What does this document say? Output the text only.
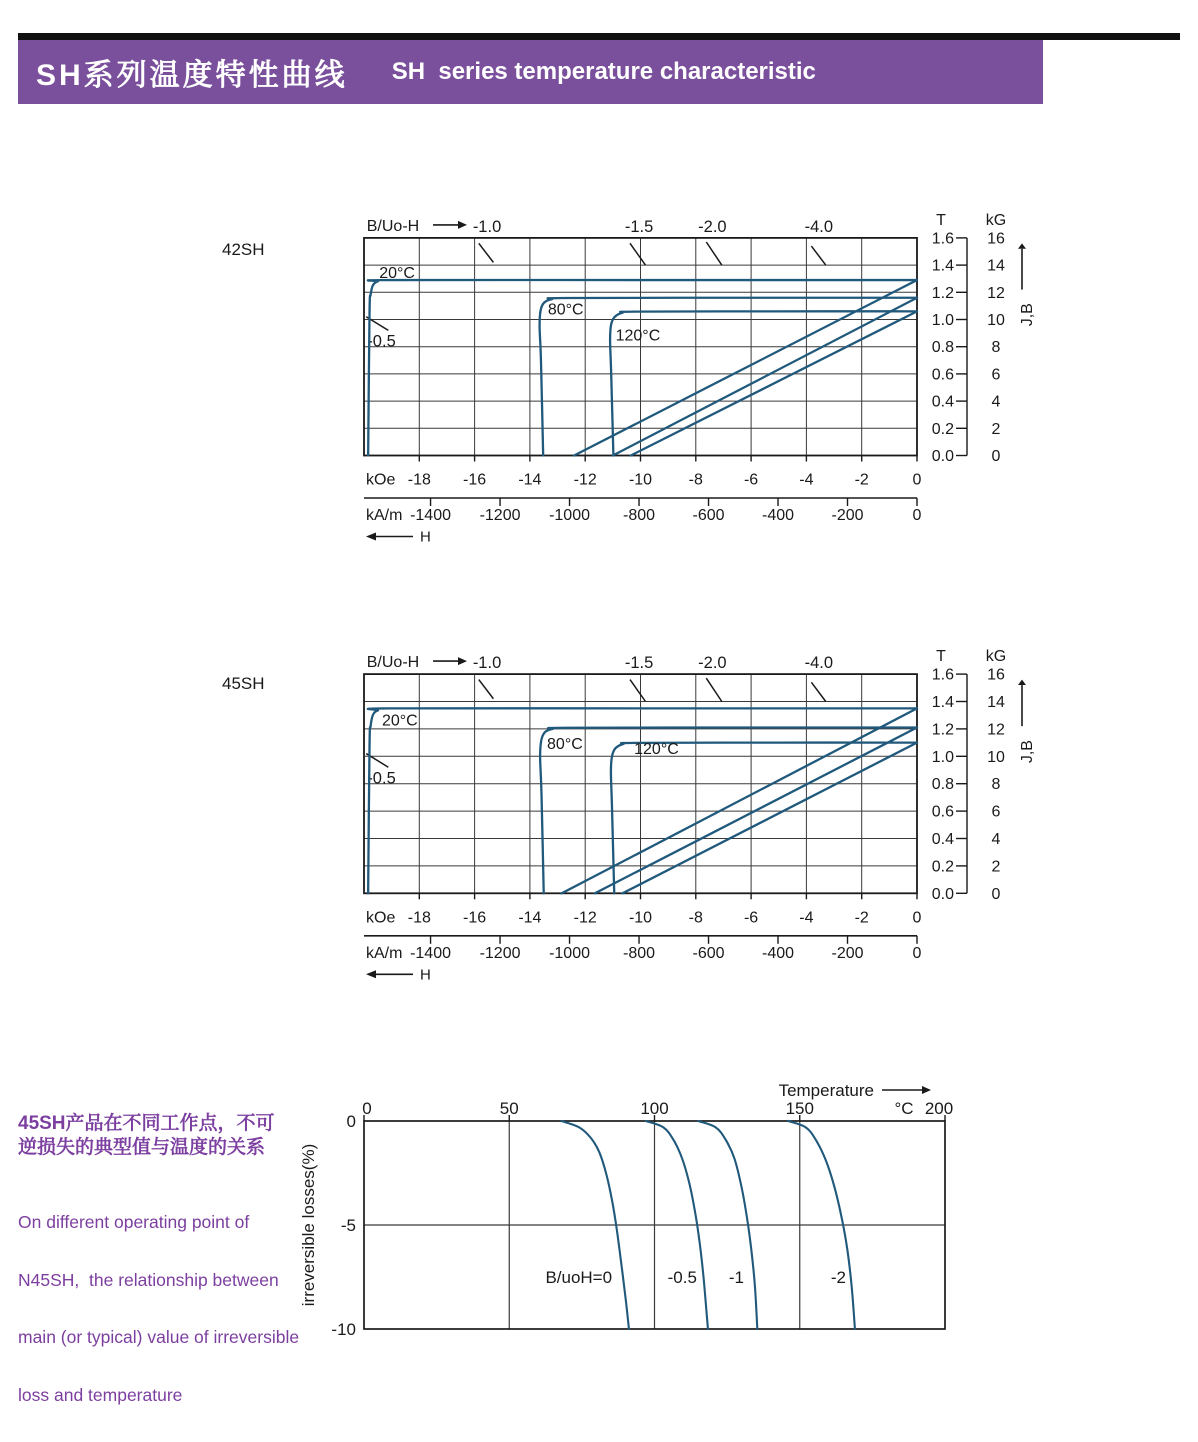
SH系列温度特性曲线 SH  series temperature characteristic
42SH
45SH
-1.0	-1.5	-2.0	-4.0
-0.5
B/Uo-H
20°C
80°C
120°C
-18 -16 -14 -12 -10 -8	-6	-4	-2	0
kOe
-1400 -1200 -1000 -800 -600 -400 -200	0
kA/m
H
T kG
1.6 16
1.4 14
1.2 12
1.0 10
0.8 8
0.6 6
0.4 4
0.2 2
0.0 0
J,B
-1.0	-1.5	-2.0	-4.0
-0.5
B/Uo-H
20°C
80°C	120°C
-18 -16 -14 -12 -10 -8	-6	-4	-2	0
kOe
-1400 -1200 -1000 -800 -600 -400 -200	0
kA/m
H
T kG
1.6 16
1.4 14
1.2 12
1.0 10
0.8 8
0.6 6
0.4 4
0.2 2
0.0 0
J,B
0	50	100	150	°C 200
Temperature
0
-5
-10
irreversible losses(%)	B/uoH=0	-0.5 -1	-2
45SH产品在不同工作点，不可
逆损失的典型值与温度的关系

On different operating point of

N45SH,  the relationship between

main (or typical) value of irreversible

loss and temperature
